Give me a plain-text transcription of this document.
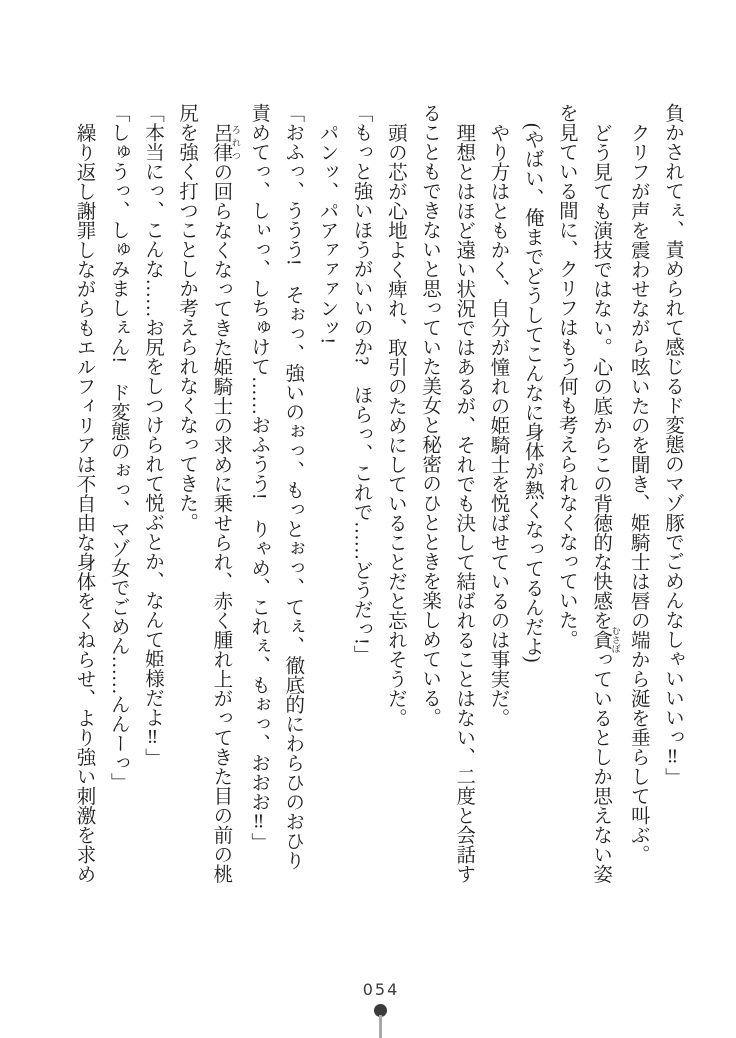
負かされてぇ、責められて感じるド変態のマゾ豚でごめんなしゃいいいっ‼」

クリフが声を震わせながら呟いたのを聞き、姫騎士は唇の端から涎を垂らして叫ぶ。

どう見ても演技ではない。心の底からこの背徳的な快感を貪 むさぼっているとしか思えない姿を見ている間に、クリフはもう何も考えられなくなっていた。

(やばい、俺までどうしてこんなに身体が熱くなってるんだよ)

やり方はともかく、自分が憧れの姫騎士を悦ばせているのは事実だ。

理想とはほど遠い状況ではあるが、それでも決して結ばれることはない、二度と会話することもできないと思っていた美女と秘密のひとときを楽しめている。

頭の芯が心地よく痺れ、取引のためにしていることだと忘れそうだ。

「もっと強いほうがいいのか?　ほらっ、これで……どうだっ!」

パンッ、パアァァァンッ!

「おふっ、ううう!　そぉっ、強いのぉっ、もっとぉっ、てぇ、徹底的にわらひのおひり責めてっ、しぃっ、しちゅけて……おふうう!　りゃめ、これぇ、もぉっ、おおお‼」

呂律 ろれつの回らなくなってきた姫騎士の求めに乗せられ、赤く腫れ上がってきた目の前の桃尻を強く打つことしか考えられなくなってきた。

「本当にっ、こんな……お尻をしつけられて悦ぶとか、なんて姫様だよ‼」

「しゅうっ、しゅみましぇん!　ド変態のぉっ、マゾ女でごめん……んんーっ」

繰り返し謝罪しながらもエルフィリアは不自由な身体をくねらせ、より強い刺激を求め

054
